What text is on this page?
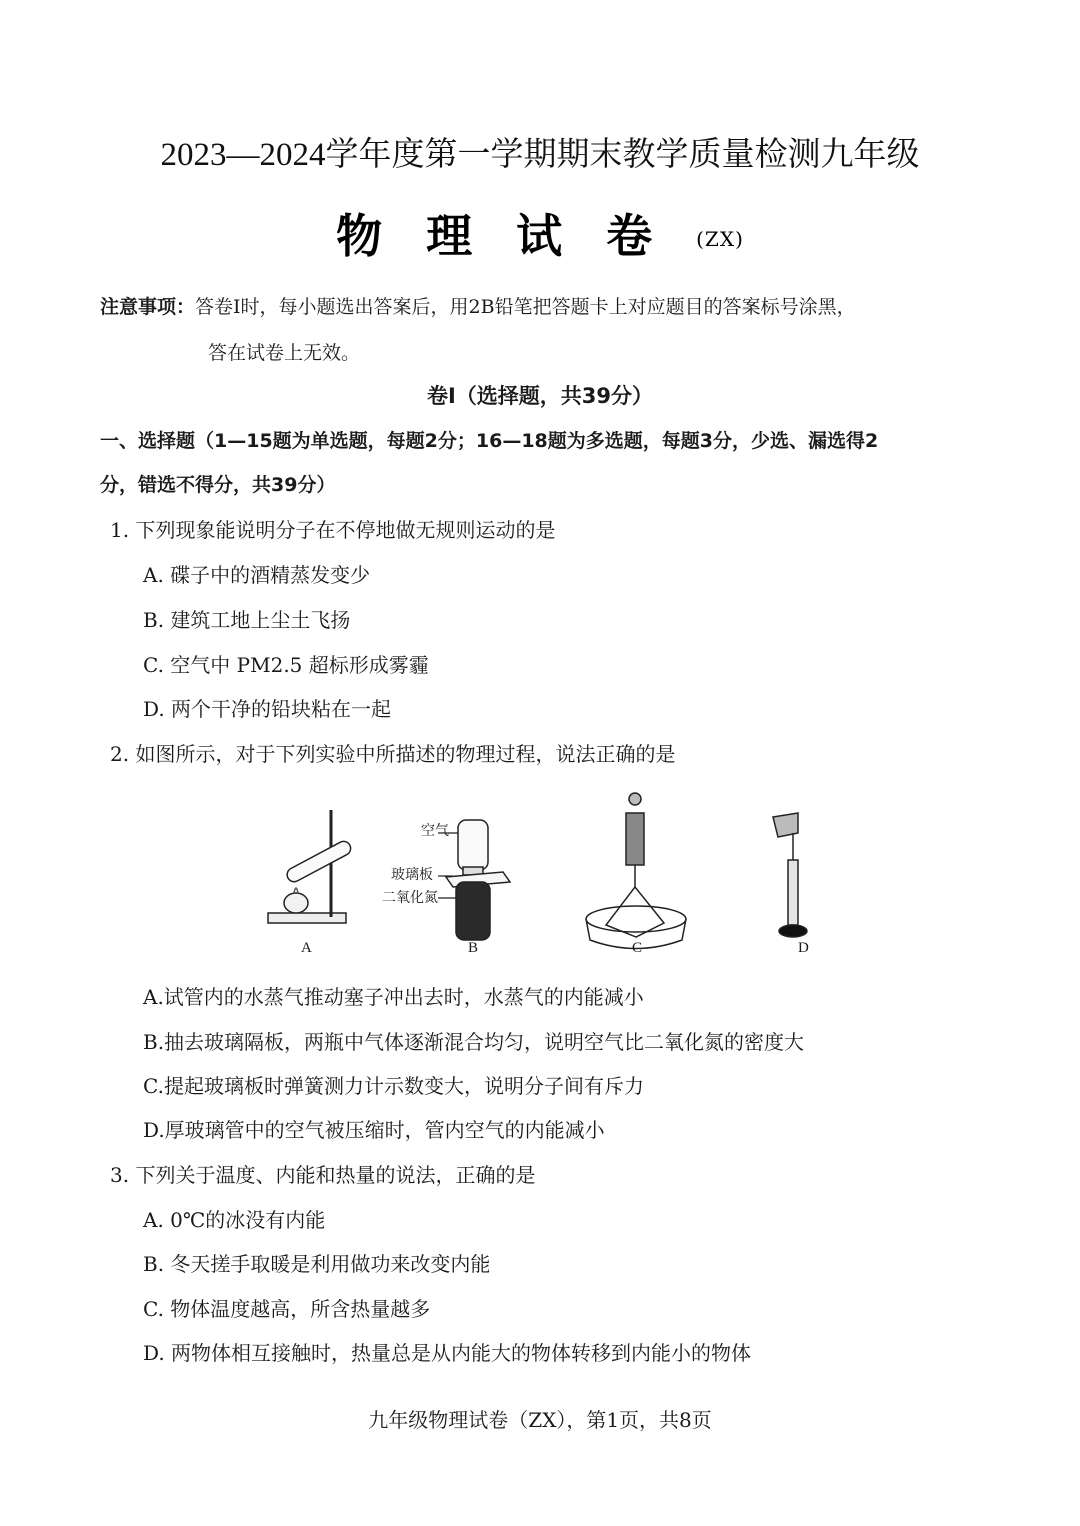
2023—2024学年度第一学期期末教学质量检测九年级
物理试卷(ZX)
注意事项：答卷Ⅰ时，每小题选出答案后，用2B铅笔把答题卡上对应题目的答案标号涂黑，
答在试卷上无效。
卷Ⅰ（选择题，共39分）
一、选择题（1—15题为单选题，每题2分；16—18题为多选题，每题3分，少选、漏选得2
分，错选不得分，共39分）
1. 下列现象能说明分子在不停地做无规则运动的是
A. 碟子中的酒精蒸发变少
B. 建筑工地上尘土飞扬
C. 空气中 PM2.5 超标形成雾霾
D. 两个干净的铅块粘在一起
2. 如图所示，对于下列实验中所描述的物理过程，说法正确的是
空气
玻璃板
二氧化氮
A	B	C	D
A.试管内的水蒸气推动塞子冲出去时，水蒸气的内能减小
B.抽去玻璃隔板，两瓶中气体逐渐混合均匀，说明空气比二氧化氮的密度大
C.提起玻璃板时弹簧测力计示数变大，说明分子间有斥力
D.厚玻璃管中的空气被压缩时，管内空气的内能减小
3. 下列关于温度、内能和热量的说法，正确的是
A. 0℃的冰没有内能
B. 冬天搓手取暖是利用做功来改变内能
C. 物体温度越高，所含热量越多
D. 两物体相互接触时，热量总是从内能大的物体转移到内能小的物体
九年级物理试卷（ZX），第1页，共8页
